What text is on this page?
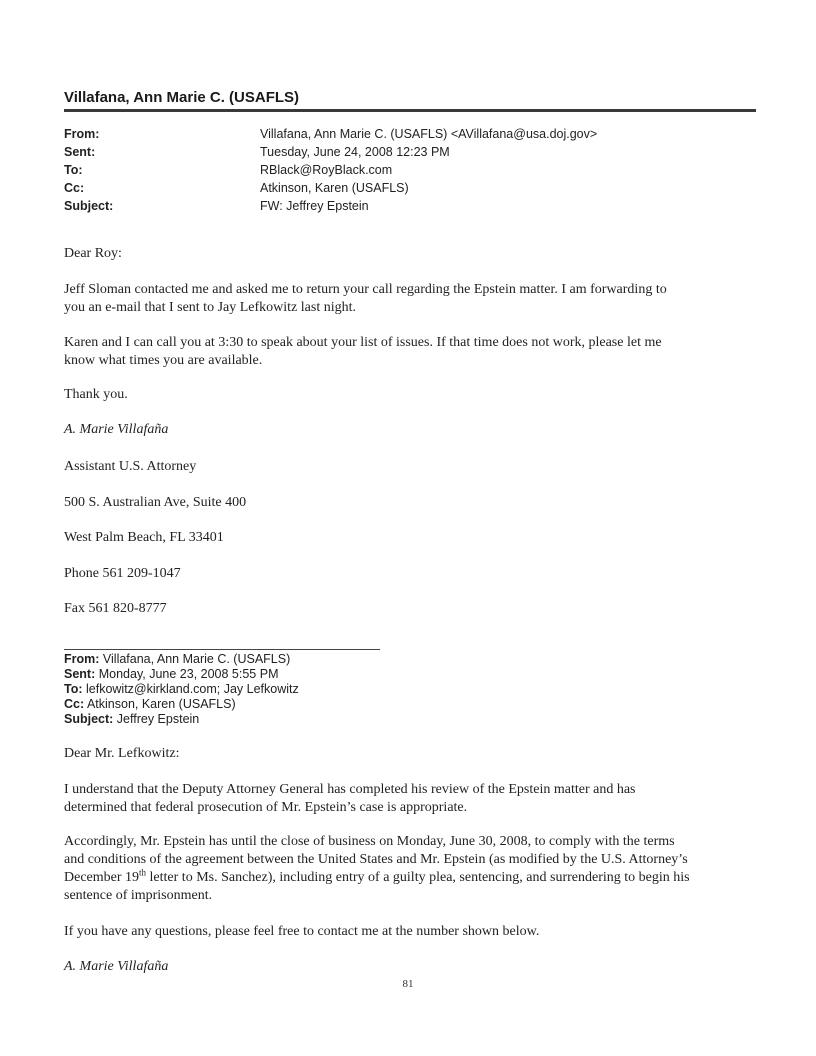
Villafana, Ann Marie C. (USAFLS)
From:	Villafana, Ann Marie C. (USAFLS) <AVillafana@usa.doj.gov>
Sent:	Tuesday, June 24, 2008 12:23 PM
To:	RBlack@RoyBlack.com
Cc:	Atkinson, Karen (USAFLS)
Subject:	FW: Jeffrey Epstein
Dear Roy:
Jeff Sloman contacted me and asked me to return your call regarding the Epstein matter. I am forwarding to
you an e-mail that I sent to Jay Lefkowitz last night.
Karen and I can call you at 3:30 to speak about your list of issues. If that time does not work, please let me
know what times you are available.
Thank you.
A. Marie Villafaña
Assistant U.S. Attorney
500 S. Australian Ave, Suite 400
West Palm Beach, FL 33401
Phone 561 209-1047
Fax 561 820-8777
From: Villafana, Ann Marie C. (USAFLS)
Sent: Monday, June 23, 2008 5:55 PM
To: lefkowitz@kirkland.com; Jay Lefkowitz
Cc: Atkinson, Karen (USAFLS)
Subject: Jeffrey Epstein
Dear Mr. Lefkowitz:
I understand that the Deputy Attorney General has completed his review of the Epstein matter and has
determined that federal prosecution of Mr. Epstein’s case is appropriate.
Accordingly, Mr. Epstein has until the close of business on Monday, June 30, 2008, to comply with the terms
and conditions of the agreement between the United States and Mr. Epstein (as modified by the U.S. Attorney’s
December 19th letter to Ms. Sanchez), including entry of a guilty plea, sentencing, and surrendering to begin his
sentence of imprisonment.
If you have any questions, please feel free to contact me at the number shown below.
A. Marie Villafaña
81
